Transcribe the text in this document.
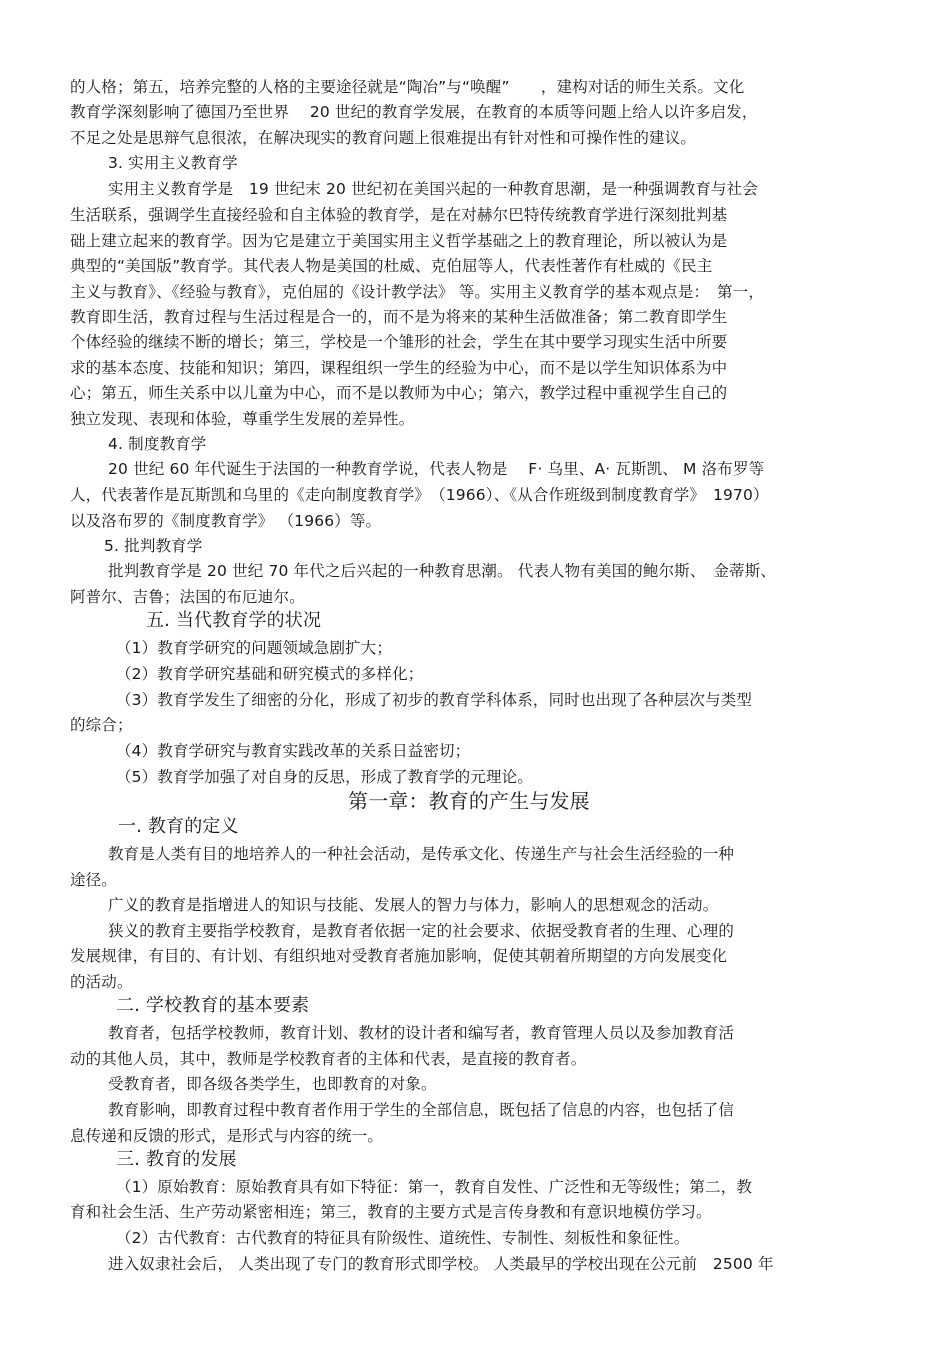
的人格；第五，培养完整的人格的主要途径就是“陶冶”与“唤醒”　　，建构对话的师生关系。文化
教育学深刻影响了德国乃至世界　 20 世纪的教育学发展，在教育的本质等问题上给人以许多启发，
不足之处是思辩气息很浓，在解决现实的教育问题上很难提出有针对性和可操作性的建议。
3. 实用主义教育学
实用主义教育学是　19 世纪末 20 世纪初在美国兴起的一种教育思潮，是一种强调教育与社会
生活联系，强调学生直接经验和自主体验的教育学，是在对赫尔巴特传统教育学进行深刻批判基
础上建立起来的教育学。因为它是建立于美国实用主义哲学基础之上的教育理论，所以被认为是
典型的“美国版”教育学。其代表人物是美国的杜威、克伯屈等人，代表性著作有杜威的《民主
主义与教育》、《经验与教育》，克伯屈的《设计教学法》 等。实用主义教育学的基本观点是：　第一，
教育即生活，教育过程与生活过程是合一的，而不是为将来的某种生活做准备；第二教育即学生
个体经验的继续不断的增长；第三，学校是一个雏形的社会，学生在其中要学习现实生活中所要
求的基本态度、技能和知识；第四，课程组织一学生的经验为中心，而不是以学生知识体系为中
心；第五，师生关系中以儿童为中心，而不是以教师为中心；第六，教学过程中重视学生自己的
独立发现、表现和体验，尊重学生发展的差异性。
4. 制度教育学
20 世纪 60 年代诞生于法国的一种教育学说，代表人物是　 F· 乌里、A· 瓦斯凯、 M 洛布罗等
人，代表著作是瓦斯凯和乌里的《走向制度教育学》　（1966）、《从合作班级到制度教育学》　1970）
以及洛布罗的《制度教育学》 （1966）等。
5. 批判教育学
批判教育学是 20 世纪 70 年代之后兴起的一种教育思潮。 代表人物有美国的鲍尔斯、　金蒂斯、
阿普尔、吉鲁；法国的布厄迪尔。
五. 当代教育学的状况
（1）教育学研究的问题领域急剧扩大；
（2）教育学研究基础和研究模式的多样化；
（3）教育学发生了细密的分化，形成了初步的教育学科体系，同时也出现了各种层次与类型
的综合；
（4）教育学研究与教育实践改革的关系日益密切；
（5）教育学加强了对自身的反思，形成了教育学的元理论。
第一章：教育的产生与发展
一. 教育的定义
教育是人类有目的地培养人的一种社会活动，是传承文化、传递生产与社会生活经验的一种
途径。
广义的教育是指增进人的知识与技能、发展人的智力与体力，影响人的思想观念的活动。
狭义的教育主要指学校教育，是教育者依据一定的社会要求、依据受教育者的生理、心理的
发展规律，有目的、有计划、有组织地对受教育者施加影响，促使其朝着所期望的方向发展变化
的活动。
二. 学校教育的基本要素
教育者，包括学校教师，教育计划、教材的设计者和编写者，教育管理人员以及参加教育活
动的其他人员，其中，教师是学校教育者的主体和代表，是直接的教育者。
受教育者，即各级各类学生，也即教育的对象。
教育影响，即教育过程中教育者作用于学生的全部信息，既包括了信息的内容，也包括了信
息传递和反馈的形式，是形式与内容的统一。
三. 教育的发展
（1）原始教育：原始教育具有如下特征：第一，教育自发性、广泛性和无等级性；第二，教
育和社会生活、生产劳动紧密相连；第三，教育的主要方式是言传身教和有意识地模仿学习。
（2）古代教育：古代教育的特征具有阶级性、道统性、专制性、刻板性和象征性。
进入奴隶社会后， 人类出现了专门的教育形式即学校。 人类最早的学校出现在公元前　2500 年
